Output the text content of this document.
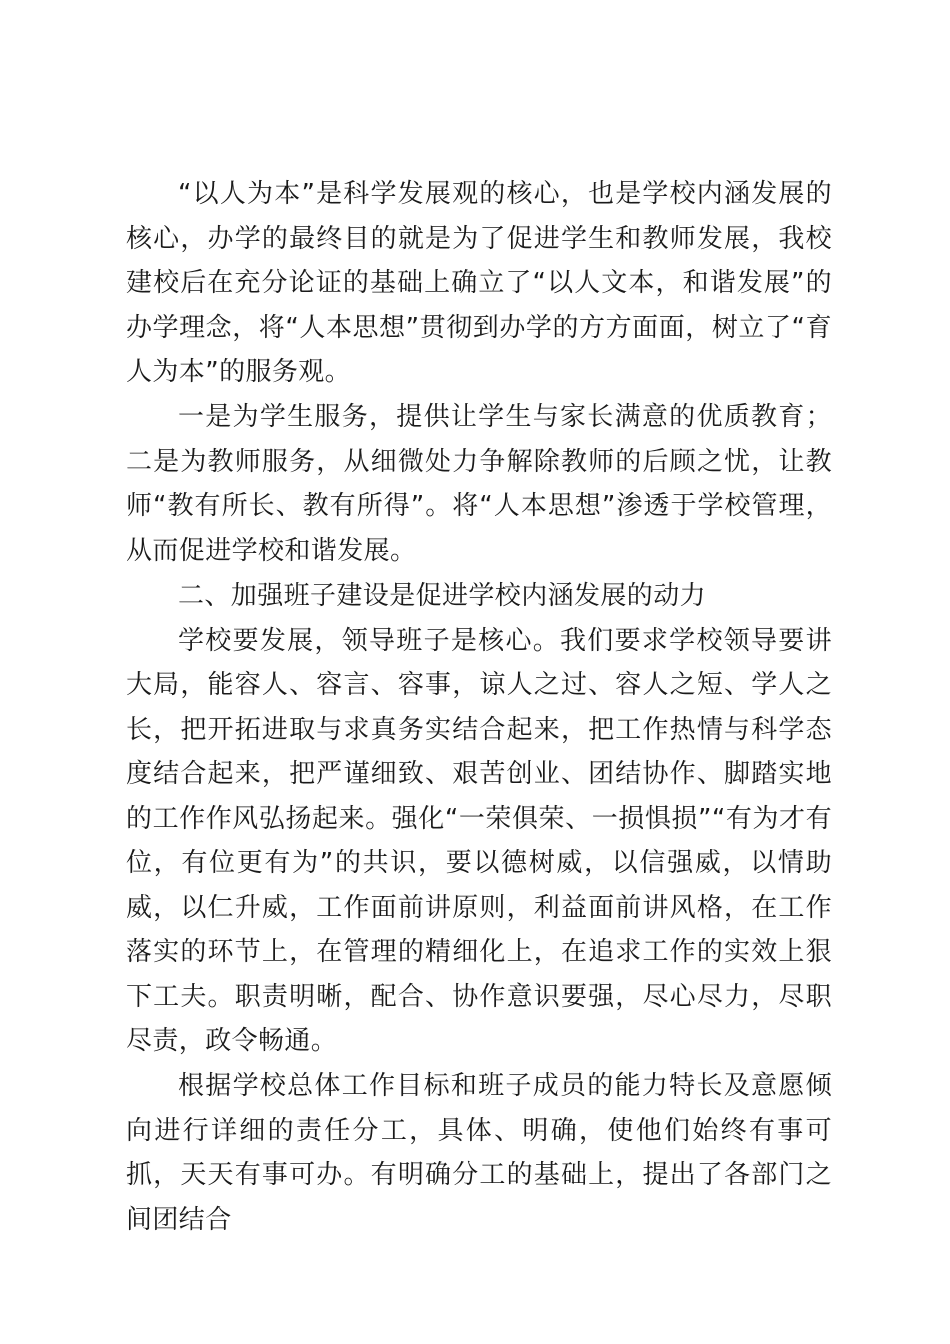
“以人为本”是科学发展观的核心，也是学校内涵发展的核心，办学的最终目的就是为了促进学生和教师发展，我校建校后在充分论证的基础上确立了“以人文本，和谐发展”的办学理念，将“人本思想”贯彻到办学的方方面面，树立了“育人为本”的服务观。

一是为学生服务，提供让学生与家长满意的优质教育；二是为教师服务，从细微处力争解除教师的后顾之忧，让教师“教有所长、教有所得”。将“人本思想”渗透于学校管理，从而促进学校和谐发展。

二、加强班子建设是促进学校内涵发展的动力

学校要发展，领导班子是核心。我们要求学校领导要讲大局，能容人、容言、容事，谅人之过、容人之短、学人之长，把开拓进取与求真务实结合起来，把工作热情与科学态度结合起来，把严谨细致、艰苦创业、团结协作、脚踏实地的工作作风弘扬起来。强化“一荣俱荣、一损惧损”“有为才有位，有位更有为”的共识，要以德树威，以信强威，以情助威，以仁升威，工作面前讲原则，利益面前讲风格，在工作落实的环节上，在管理的精细化上，在追求工作的实效上狠下工夫。职责明晰，配合、协作意识要强，尽心尽力，尽职尽责，政令畅通。

根据学校总体工作目标和班子成员的能力特长及意愿倾向进行详细的责任分工，具体、明确，使他们始终有事可抓，天天有事可办。有明确分工的基础上，提出了各部门之间团结合
